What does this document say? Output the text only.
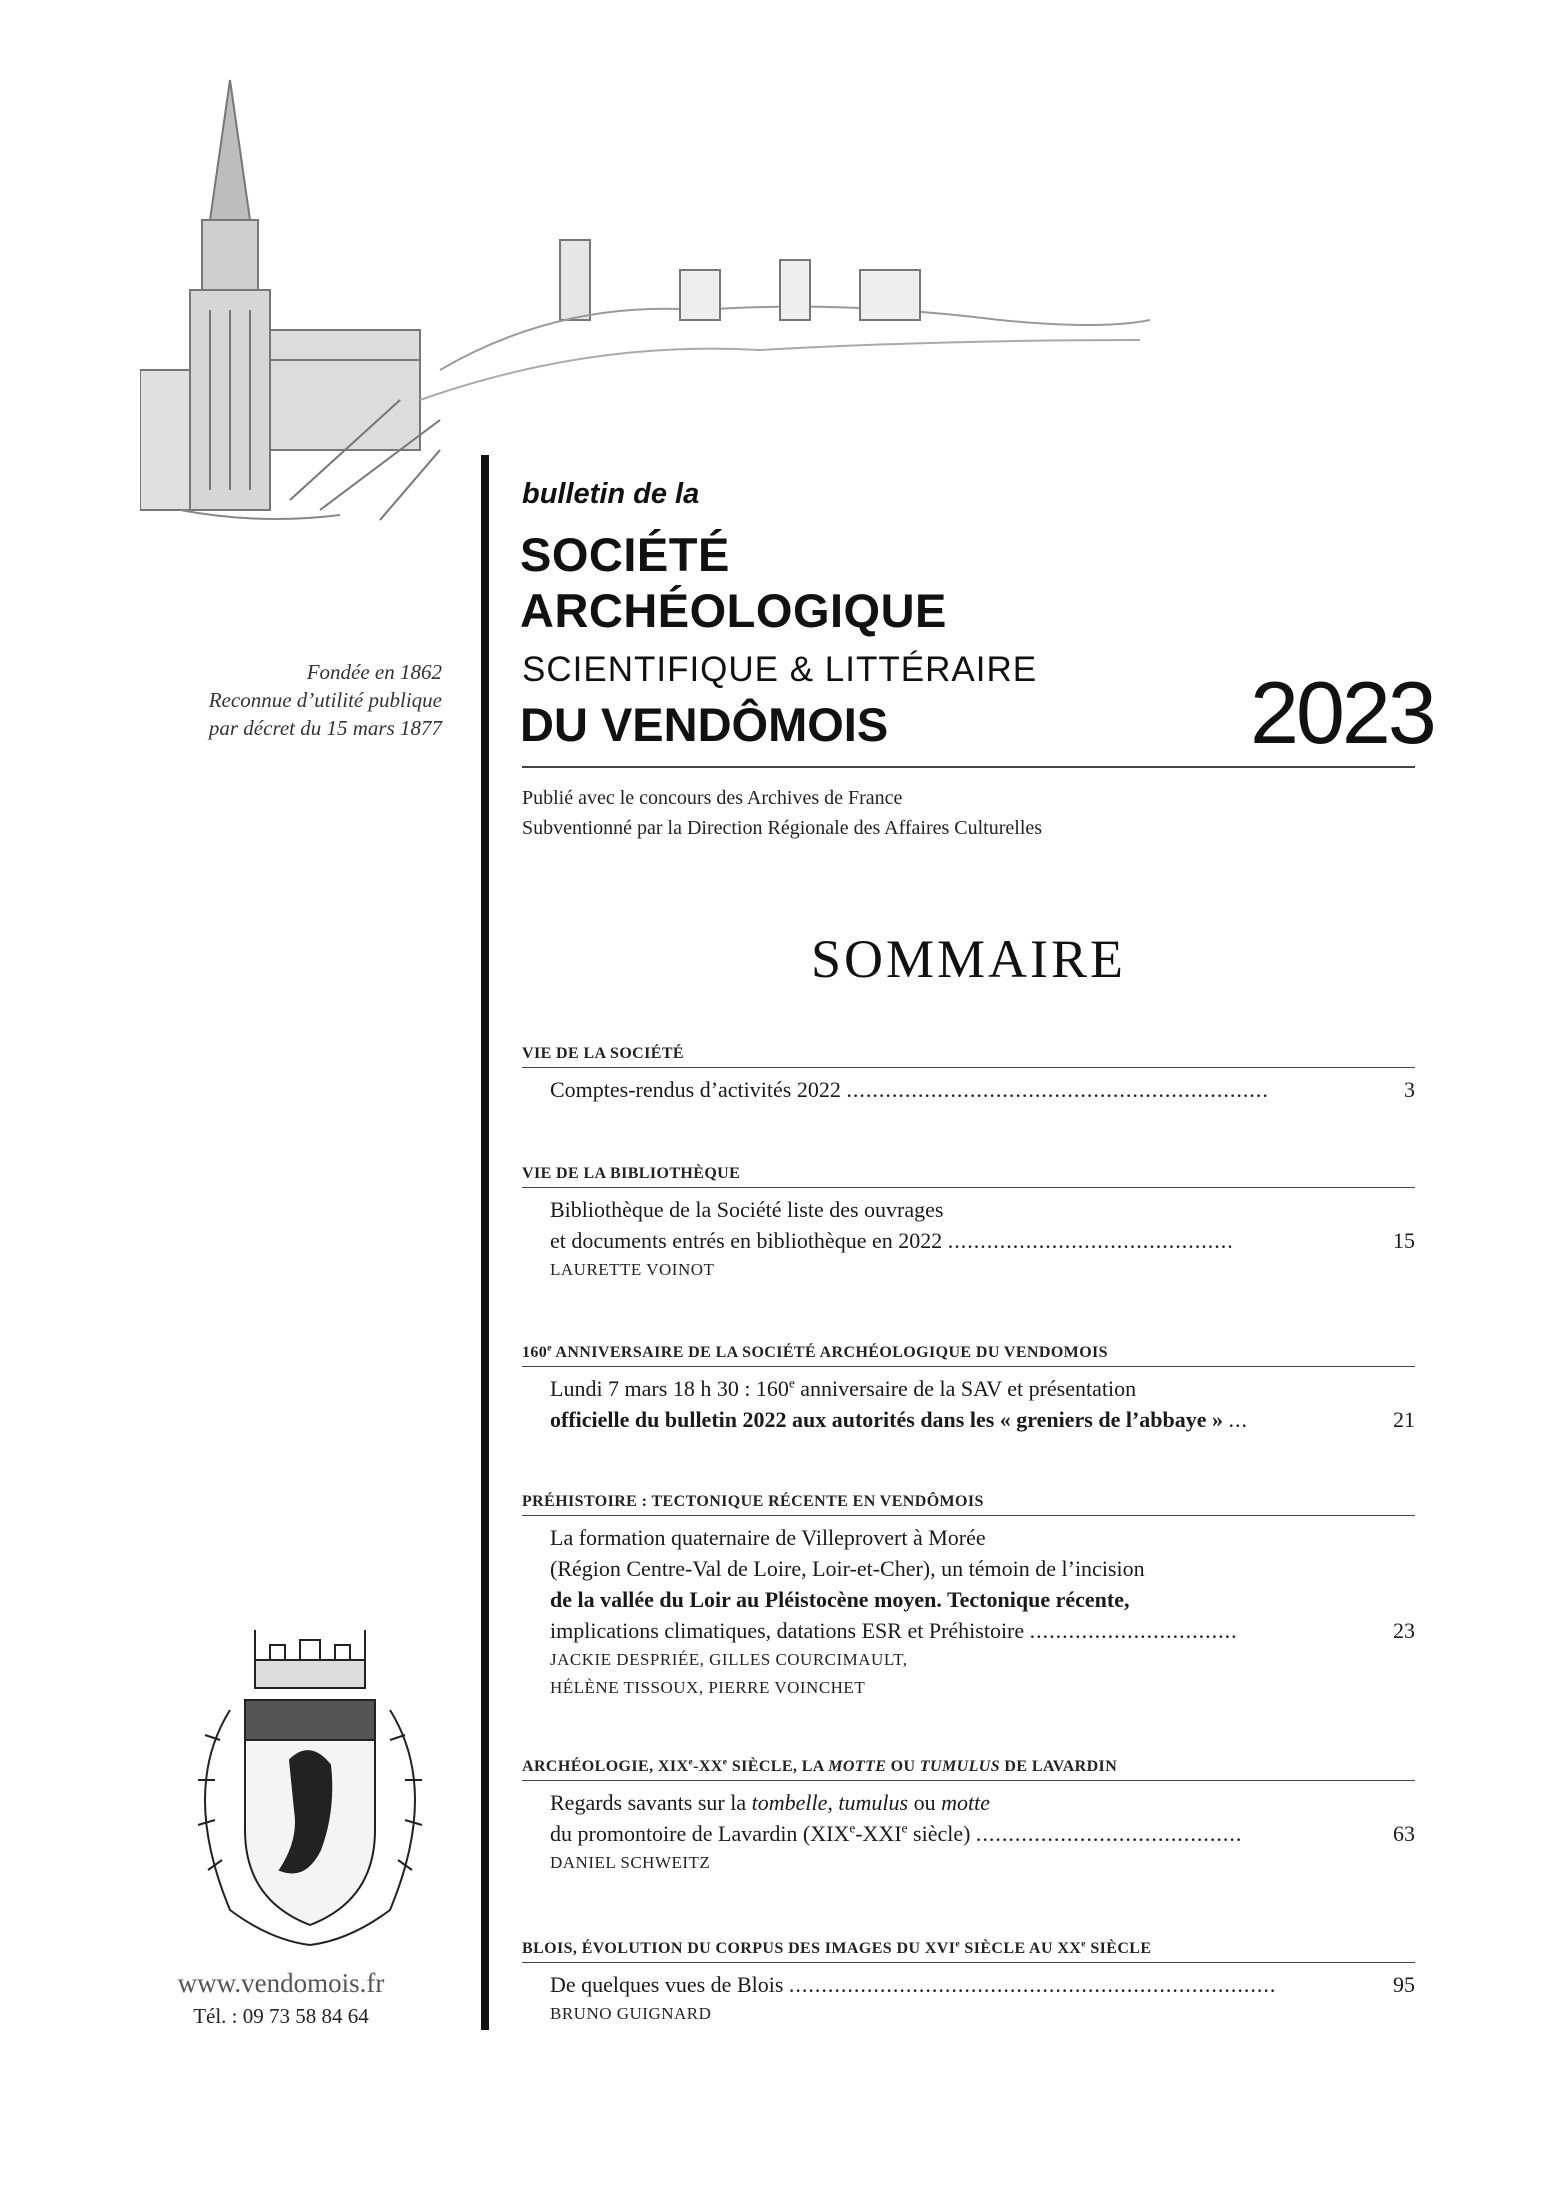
Fondée en 1862
Reconnue d’utilité publique
par décret du 15 mars 1877
www.vendomois.fr
Tél. : 09 73 58 84 64
bulletin de la
SOCIÉTÉ
ARCHÉOLOGIQUE
SCIENTIFIQUE & LITTÉRAIRE
DU VENDÔMOIS	2023
Publié avec le concours des Archives de France
Subventionné par la Direction Régionale des Affaires Culturelles
SOMMAIRE
VIE DE LA SOCIÉTÉ
Comptes-rendus d’activités 2022 .................................................................	3
VIE DE LA BIBLIOTHÈQUE
Bibliothèque de la Société liste des ouvrages
et documents entrés en bibliothèque en 2022 ............................................	15
LAURETTE VOINOT
160e ANNIVERSAIRE DE LA SOCIÉTÉ ARCHÉOLOGIQUE DU VENDOMOIS
Lundi 7 mars 18 h 30 : 160e anniversaire de la SAV et présentation
officielle du bulletin 2022 aux autorités dans les « greniers de l’abbaye » ...	21
PRÉHISTOIRE : TECTONIQUE RÉCENTE EN VENDÔMOIS
La formation quaternaire de Villeprovert à Morée
(Région Centre-Val de Loire, Loir-et-Cher), un témoin de l’incision
de la vallée du Loir au Pléistocène moyen. Tectonique récente,
implications climatiques, datations ESR et Préhistoire ................................	23
JACKIE DESPRIÉE, GILLES COURCIMAULT,
HÉLÈNE TISSOUX, PIERRE VOINCHET
ARCHÉOLOGIE, XIXe-XXe SIÈCLE, LA MOTTE OU TUMULUS DE LAVARDIN
Regards savants sur la tombelle, tumulus ou motte
du promontoire de Lavardin (XIXe-XXIe siècle) .........................................	63
DANIEL SCHWEITZ
BLOIS, ÉVOLUTION DU CORPUS DES IMAGES DU XVIe SIÈCLE AU XXe SIÈCLE
De quelques vues de Blois ...........................................................................	95
BRUNO GUIGNARD
